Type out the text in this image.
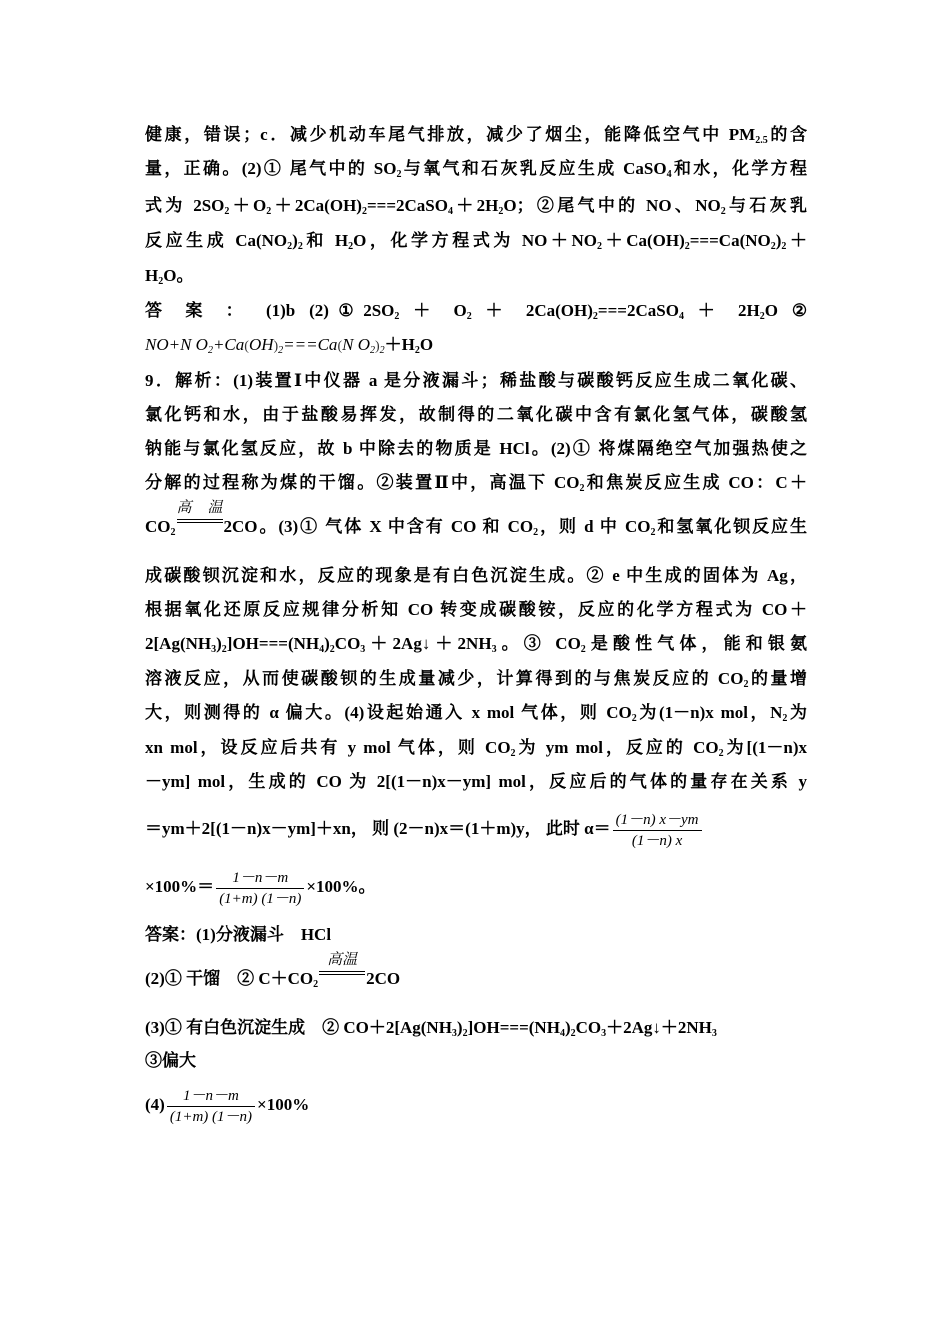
健康，错误；c．减少机动车尾气排放，减少了烟尘，能降低空气中 $PM_{2.5}$的含
量，正确。(2)① 尾气中的 $SO_2$与氧气和石灰乳反应生成 CaSO$_4$和水，化学方程
式为 $2SO_2+O_2+2Ca(OH)_2===2CaSO_4+2H_2O$；②尾气中的 NO、$NO_2$与石灰乳
反应生成 $Ca(NO_2)_2$和 $H_2O$，化学方程式为 $NO+NO_2+Ca(OH)_2===Ca(NO_2)_2+$
$H_2O$。
答 案 ： (1)b $(2)①2SO_2 + O_2$ ＋ $2Ca(OH)_2===2CaSO_4 + 2H_2O$ ②
NO+N $O_2+Ca(OH)_2===Ca(N$ $O_2)_2+H_2O$
9．解析：(1)装置Ⅰ中仪器 a 是分液漏斗；稀盐酸与碳酸钙反应生成二氧化碳、
氯化钙和水，由于盐酸易挥发，故制得的二氧化碳中含有氯化氢气体，碳酸氢
钠能与氯化氢反应，故 b 中除去的物质是 HCl。(2)① 将煤隔绝空气加强热使之
分解的过程称为煤的干馏。②装置Ⅱ中，高温下 $CO_2$和焦炭反应生成 CO：C＋
$CO_2$
高温
2CO。(3)① 气体 X 中含有 CO 和 $CO_2$，则 d 中 $CO_2$和氢氧化钡反应生
成碳酸钡沉淀和水，反应的现象是有白色沉淀生成。② e 中生成的固体为 Ag，
根据氧化还原反应规律分析知 CO 转变成碳酸铵，反应的化学方程式为 CO＋
$2[Ag(NH_3)_2]OH===(NH_4)_2CO_3+2Ag↓+2NH_3$。③ $CO_2$是酸性气体，能和银氨
溶液反应，从而使碳酸钡的生成量减少，计算得到的与焦炭反应的 $CO_2$的量增
大，则测得的 α 偏大。(4)设起始通入 x mol 气体，则 $CO_2$为(1－n)x mol，$N_2$为
xn mol，设反应后共有 y mol 气体，则 $CO_2$为 ym mol，反应的 $CO_2$为[(1－n)x
－ym] mol，生成的 CO 为 2[(1－n)x－ym] mol，反应后的气体的量存在关系 y
＝ym＋2[(1－n)x－ym]＋xn， 则 (2－n)x＝(1＋m)y， 此时 $\alpha= \frac{(1-n) x-ym}{(1-n) x}$
$\times 100\%= \frac{1-n-m}{(1+m) (1-n)} \times 100\%$。
答案：(1)分液漏斗　HCl
(2)① 干馏　② $C+CO_2$
高温
2CO
(3)① 有白色沉淀生成　② $CO+2[Ag(NH_3)_2]OH===(NH_4)_2CO_3+2Ag↓+2NH_3$
③偏大
$(4) \frac{1-n-m}{(1+m) (1-n)} \times 100\%$
